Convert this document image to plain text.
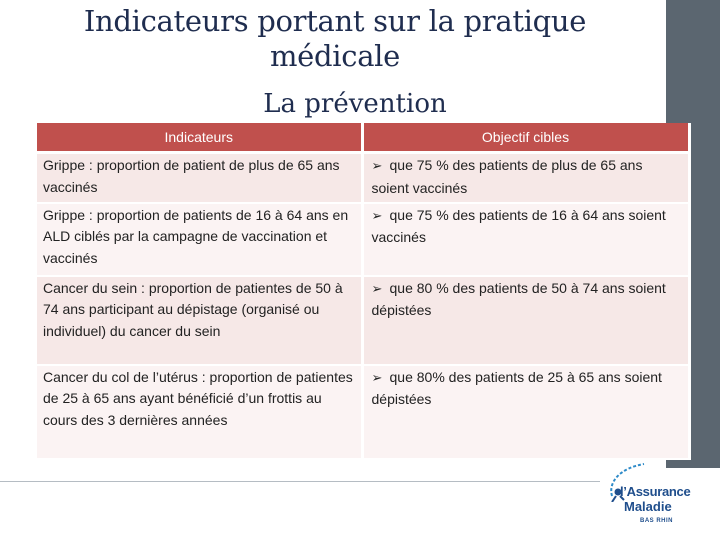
Indicateurs portant sur la pratique médicale
La prévention
Indicateurs	Objectif cibles
Grippe : proportion de patient de plus de 65 ans vaccinés	➢ que 75 % des patients de plus de 65 ans soient vaccinés
Grippe : proportion de patients de 16 à 64 ans en ALD ciblés par la campagne de vaccination et vaccinés	➢ que 75 % des patients de 16 à 64 ans soient vaccinés
Cancer du sein : proportion de patientes de 50 à 74 ans participant au dépistage (organisé ou individuel) du cancer du sein	➢ que 80 % des patients de 50 à 74 ans soient dépistées
Cancer du col de l’utérus : proportion de patientes de 25 à 65 ans ayant bénéficié d’un frottis au cours des 3 dernières années	➢ que 80% des patients de 25 à 65 ans soient dépistées
l’Assurance
Maladie
BAS RHIN
